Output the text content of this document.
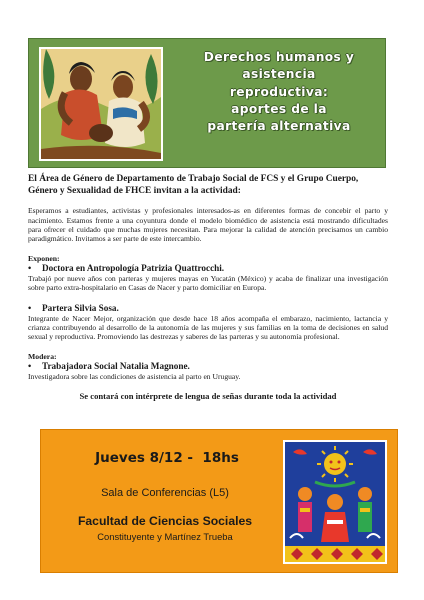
Derechos humanos y
asistencia
reproductiva:
aportes de la
partería alternativa
El Área de Género de Departamento de Trabajo Social de FCS y el Grupo Cuerpo, Género y Sexualidad de FHCE invitan a la actividad:

Esperamos a estudiantes, activistas y profesionales interesados-as en diferentes formas de concebir el parto y nacimiento. Estamos frente a una coyuntura donde el modelo biomédico de asistencia está mostrando dificultades para ofrecer el cuidado que muchas mujeres necesitan. Para mejorar la calidad de atención precisamos un cambio paradigmático. Invitamos a ser parte de este intercambio.

Exponen:
• Doctora en Antropología Patrizia Quattrocchi.

Trabajó por nueve años con parteras y mujeres mayas en Yucatán (México) y acaba de finalizar una investigación sobre parto extra-hospitalario en Casas de Nacer y parto domiciliar en Europa.

• Partera Silvia Sosa.

Integrante de Nacer Mejor, organización que desde hace 18 años acompaña el embarazo, nacimiento, lactancia y crianza contribuyendo al desarrollo de la autonomía de las mujeres y sus familias en la toma de decisiones en salud sexual y reproductiva. Promoviendo las destrezas y saberes de las parteras y su autonomía profesional.

Modera:
• Trabajadora Social Natalia Magnone.

Investigadora sobre las condiciones de asistencia al parto en Uruguay.

Se contará con intérprete de lengua de señas durante toda la actividad
Jueves 8/12 -  18hs
Sala de Conferencias (L5)
Facultad de Ciencias Sociales
Constituyente y Martínez Trueba
